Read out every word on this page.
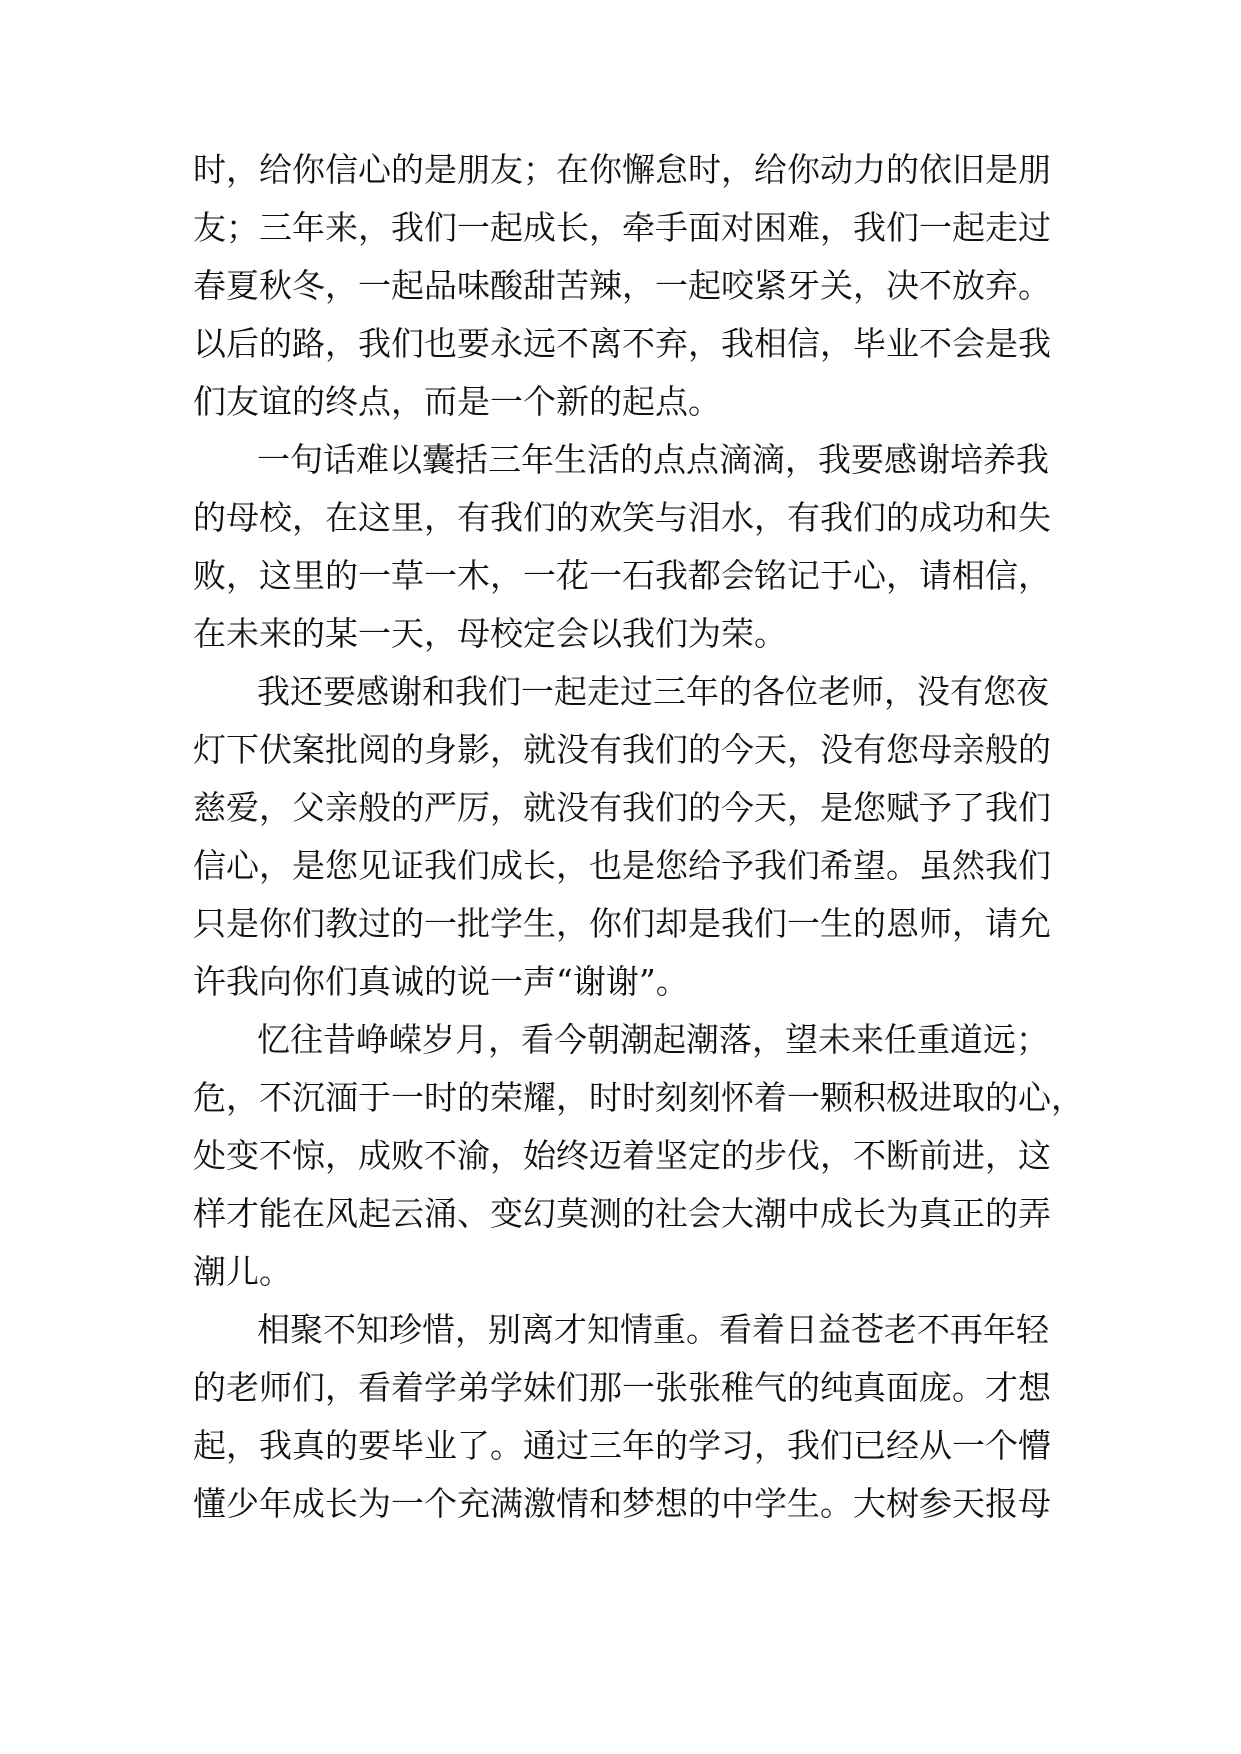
时，给你信心的是朋友；在你懈怠时，给你动力的依旧是朋

友；三年来，我们一起成长，牵手面对困难，我们一起走过

春夏秋冬，一起品味酸甜苦辣，一起咬紧牙关，决不放弃。

以后的路，我们也要永远不离不弃，我相信，毕业不会是我

们友谊的终点，而是一个新的起点。

一句话难以囊括三年生活的点点滴滴，我要感谢培养我

的母校，在这里，有我们的欢笑与泪水，有我们的成功和失

败，这里的一草一木，一花一石我都会铭记于心，请相信，

在未来的某一天，母校定会以我们为荣。

我还要感谢和我们一起走过三年的各位老师，没有您夜

灯下伏案批阅的身影，就没有我们的今天，没有您母亲般的

慈爱，父亲般的严厉，就没有我们的今天，是您赋予了我们

信心，是您见证我们成长，也是您给予我们希望。虽然我们

只是你们教过的一批学生，你们却是我们一生的恩师，请允

许我向你们真诚的说一声“谢谢”。

忆往昔峥嵘岁月，看今朝潮起潮落，望未来任重道远；

危，不沉湎于一时的荣耀，时时刻刻怀着一颗积极进取的心，

处变不惊，成败不渝，始终迈着坚定的步伐，不断前进，这

样才能在风起云涌、变幻莫测的社会大潮中成长为真正的弄

潮儿。

相聚不知珍惜，别离才知情重。看着日益苍老不再年轻

的老师们，看着学弟学妹们那一张张稚气的纯真面庞。才想

起，我真的要毕业了。通过三年的学习，我们已经从一个懵

懂少年成长为一个充满激情和梦想的中学生。大树参天报母
